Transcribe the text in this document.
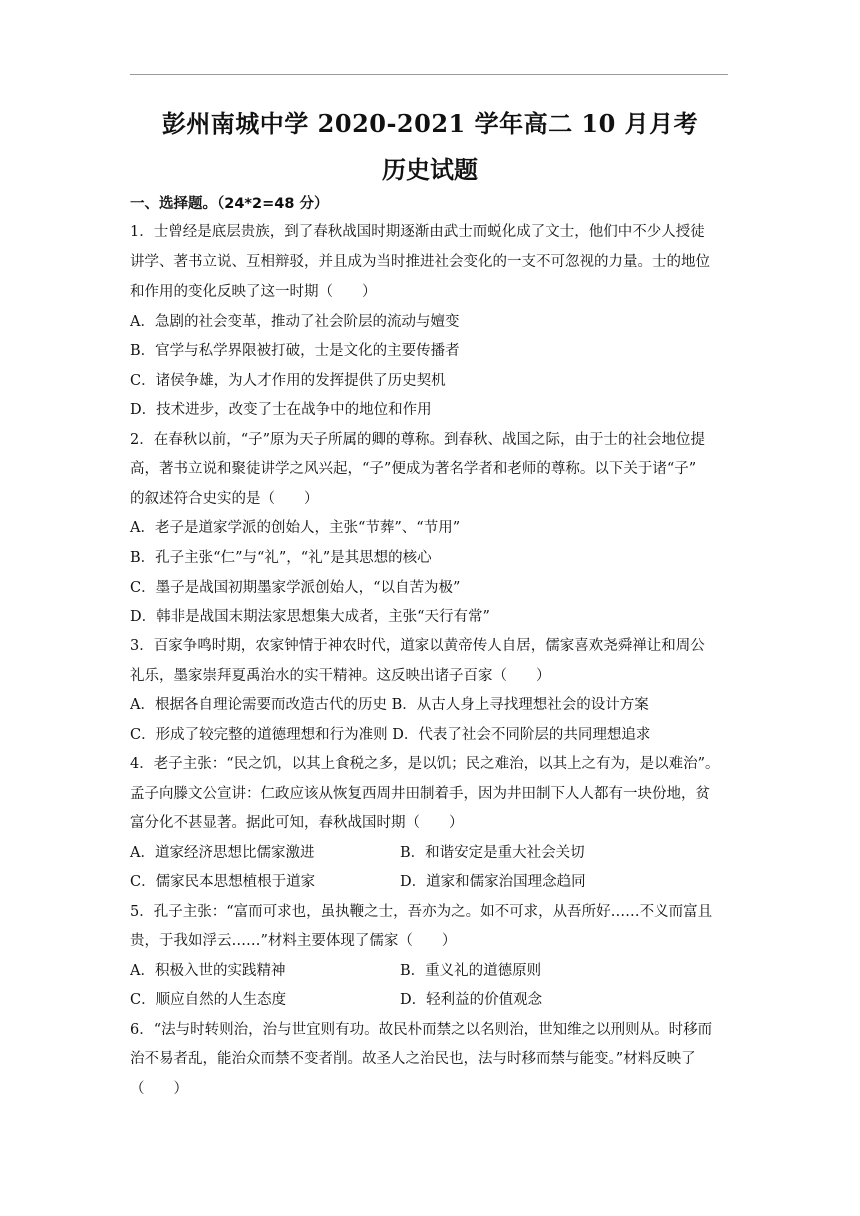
彭州南城中学 2020-2021 学年高二 10 月月考
历史试题
一、选择题。（24*2=48 分）
1．士曾经是底层贵族，到了春秋战国时期逐渐由武士而蜕化成了文士，他们中不少人授徒
讲学、著书立说、互相辩驳，并且成为当时推进社会变化的一支不可忽视的力量。士的地位
和作用的变化反映了这一时期（　　）
A．急剧的社会变革，推动了社会阶层的流动与嬗变
B．官学与私学界限被打破，士是文化的主要传播者
C．诸侯争雄，为人才作用的发挥提供了历史契机
D．技术进步，改变了士在战争中的地位和作用
2．在春秋以前，“子”原为天子所属的卿的尊称。到春秋、战国之际，由于士的社会地位提
高，著书立说和聚徒讲学之风兴起，“子”便成为著名学者和老师的尊称。以下关于诸“子”
的叙述符合史实的是（　　）
A．老子是道家学派的创始人，主张“节葬”、“节用”
B．孔子主张“仁”与“礼”，“礼”是其思想的核心
C．墨子是战国初期墨家学派创始人，“以自苦为极”
D．韩非是战国末期法家思想集大成者，主张“天行有常”
3．百家争鸣时期，农家钟情于神农时代，道家以黄帝传人自居，儒家喜欢尧舜禅让和周公
礼乐，墨家崇拜夏禹治水的实干精神。这反映出诸子百家（　　）
A．根据各自理论需要而改造古代的历史 B．从古人身上寻找理想社会的设计方案
C．形成了较完整的道德理想和行为准则 D．代表了社会不同阶层的共同理想追求
4．老子主张：“民之饥，以其上食税之多，是以饥；民之难治，以其上之有为，是以难治”。
孟子向滕文公宣讲：仁政应该从恢复西周井田制着手，因为井田制下人人都有一块份地，贫
富分化不甚显著。据此可知，春秋战国时期（　　）
A．道家经济思想比儒家激进	B．和谐安定是重大社会关切
C．儒家民本思想植根于道家	D．道家和儒家治国理念趋同
5．孔子主张：“富而可求也，虽执鞭之士，吾亦为之。如不可求，从吾所好……不义而富且
贵，于我如浮云……”材料主要体现了儒家（　　）
A．积极入世的实践精神	B．重义礼的道德原则
C．顺应自然的人生态度	D．轻利益的价值观念
6．“法与时转则治，治与世宜则有功。故民朴而禁之以名则治，世知维之以刑则从。时移而
治不易者乱，能治众而禁不变者削。故圣人之治民也，法与时移而禁与能变。”材料反映了
（　　）
